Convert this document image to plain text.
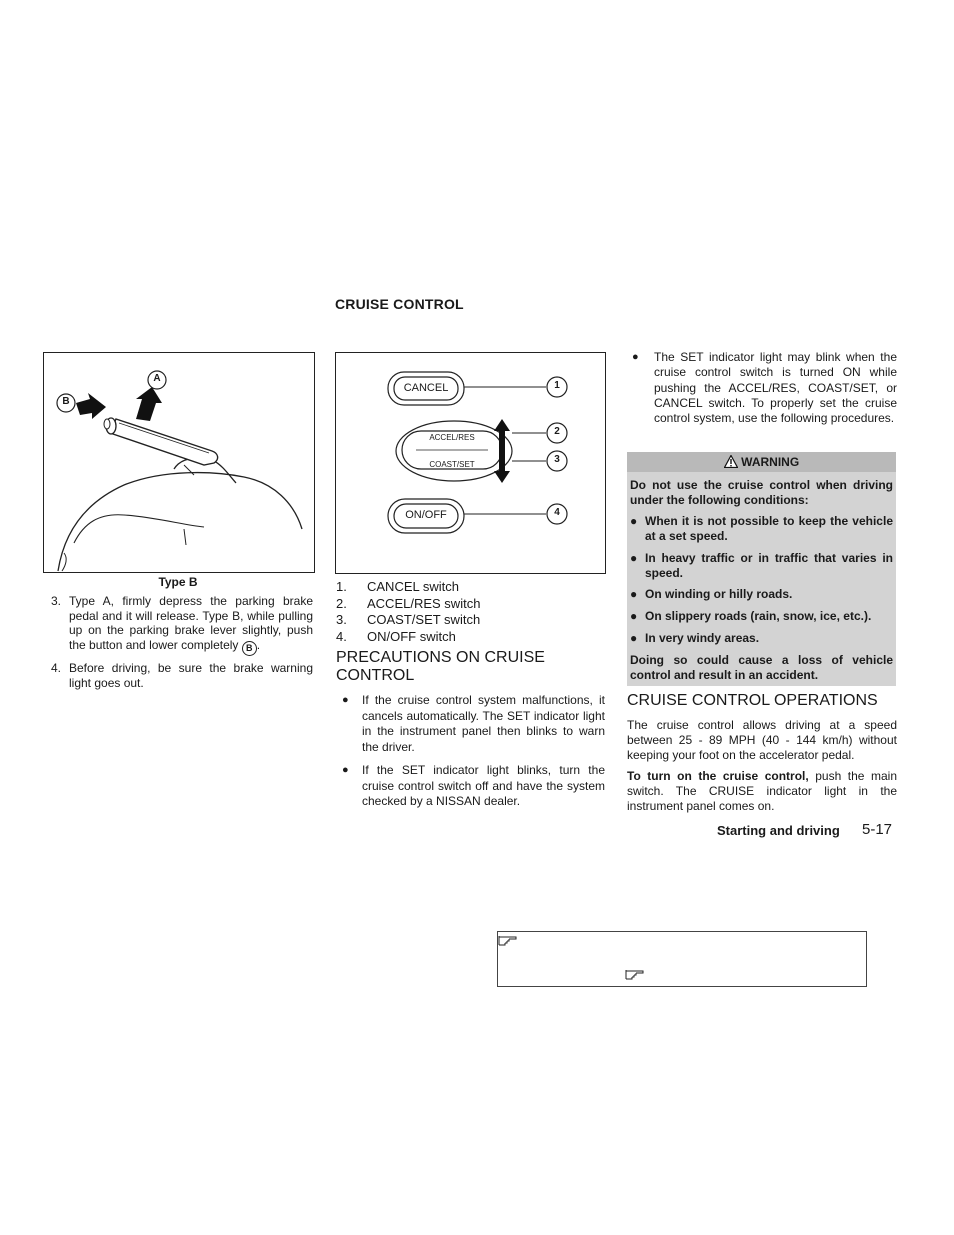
CRUISE CONTROL
B
A
Type B
3. Type A, firmly depress the parking brake pedal and it will release. Type B, while pulling up on the parking brake lever slightly, push the button and lower completely B .
4. Before driving, be sure the brake warning light goes out.
CANCEL
ACCEL/RES
COAST/SET
ON/OFF
1
2
3
4
1. CANCEL switch
2. ACCEL/RES switch
3. COAST/SET switch
4. ON/OFF switch
PRECAUTIONS ON CRUISE
CONTROL
● If the cruise control system malfunctions, it cancels automatically. The SET indicator light in the instrument panel then blinks to warn the driver.
● If the SET indicator light blinks, turn the cruise control switch off and have the system checked by a NISSAN dealer.
● The SET indicator light may blink when the cruise control switch is turned ON while pushing the ACCEL/RES, COAST/SET, or CANCEL switch. To properly set the cruise control system, use the following procedures.
WARNING

Do not use the cruise control when driving under the following conditions:

● When it is not possible to keep the vehicle at a set speed.

● In heavy traffic or in traffic that varies in speed.

● On winding or hilly roads.

● On slippery roads (rain, snow, ice, etc.).

● In very windy areas.

Doing so could cause a loss of vehicle control and result in an accident.

CRUISE CONTROL OPERATIONS
The cruise control allows driving at a speed between 25 - 89 MPH (40 - 144 km/h) without keeping your foot on the accelerator pedal.
To turn on the cruise control, push the main switch. The CRUISE indicator light in the instrument panel comes on.
Starting and driving 5-17
